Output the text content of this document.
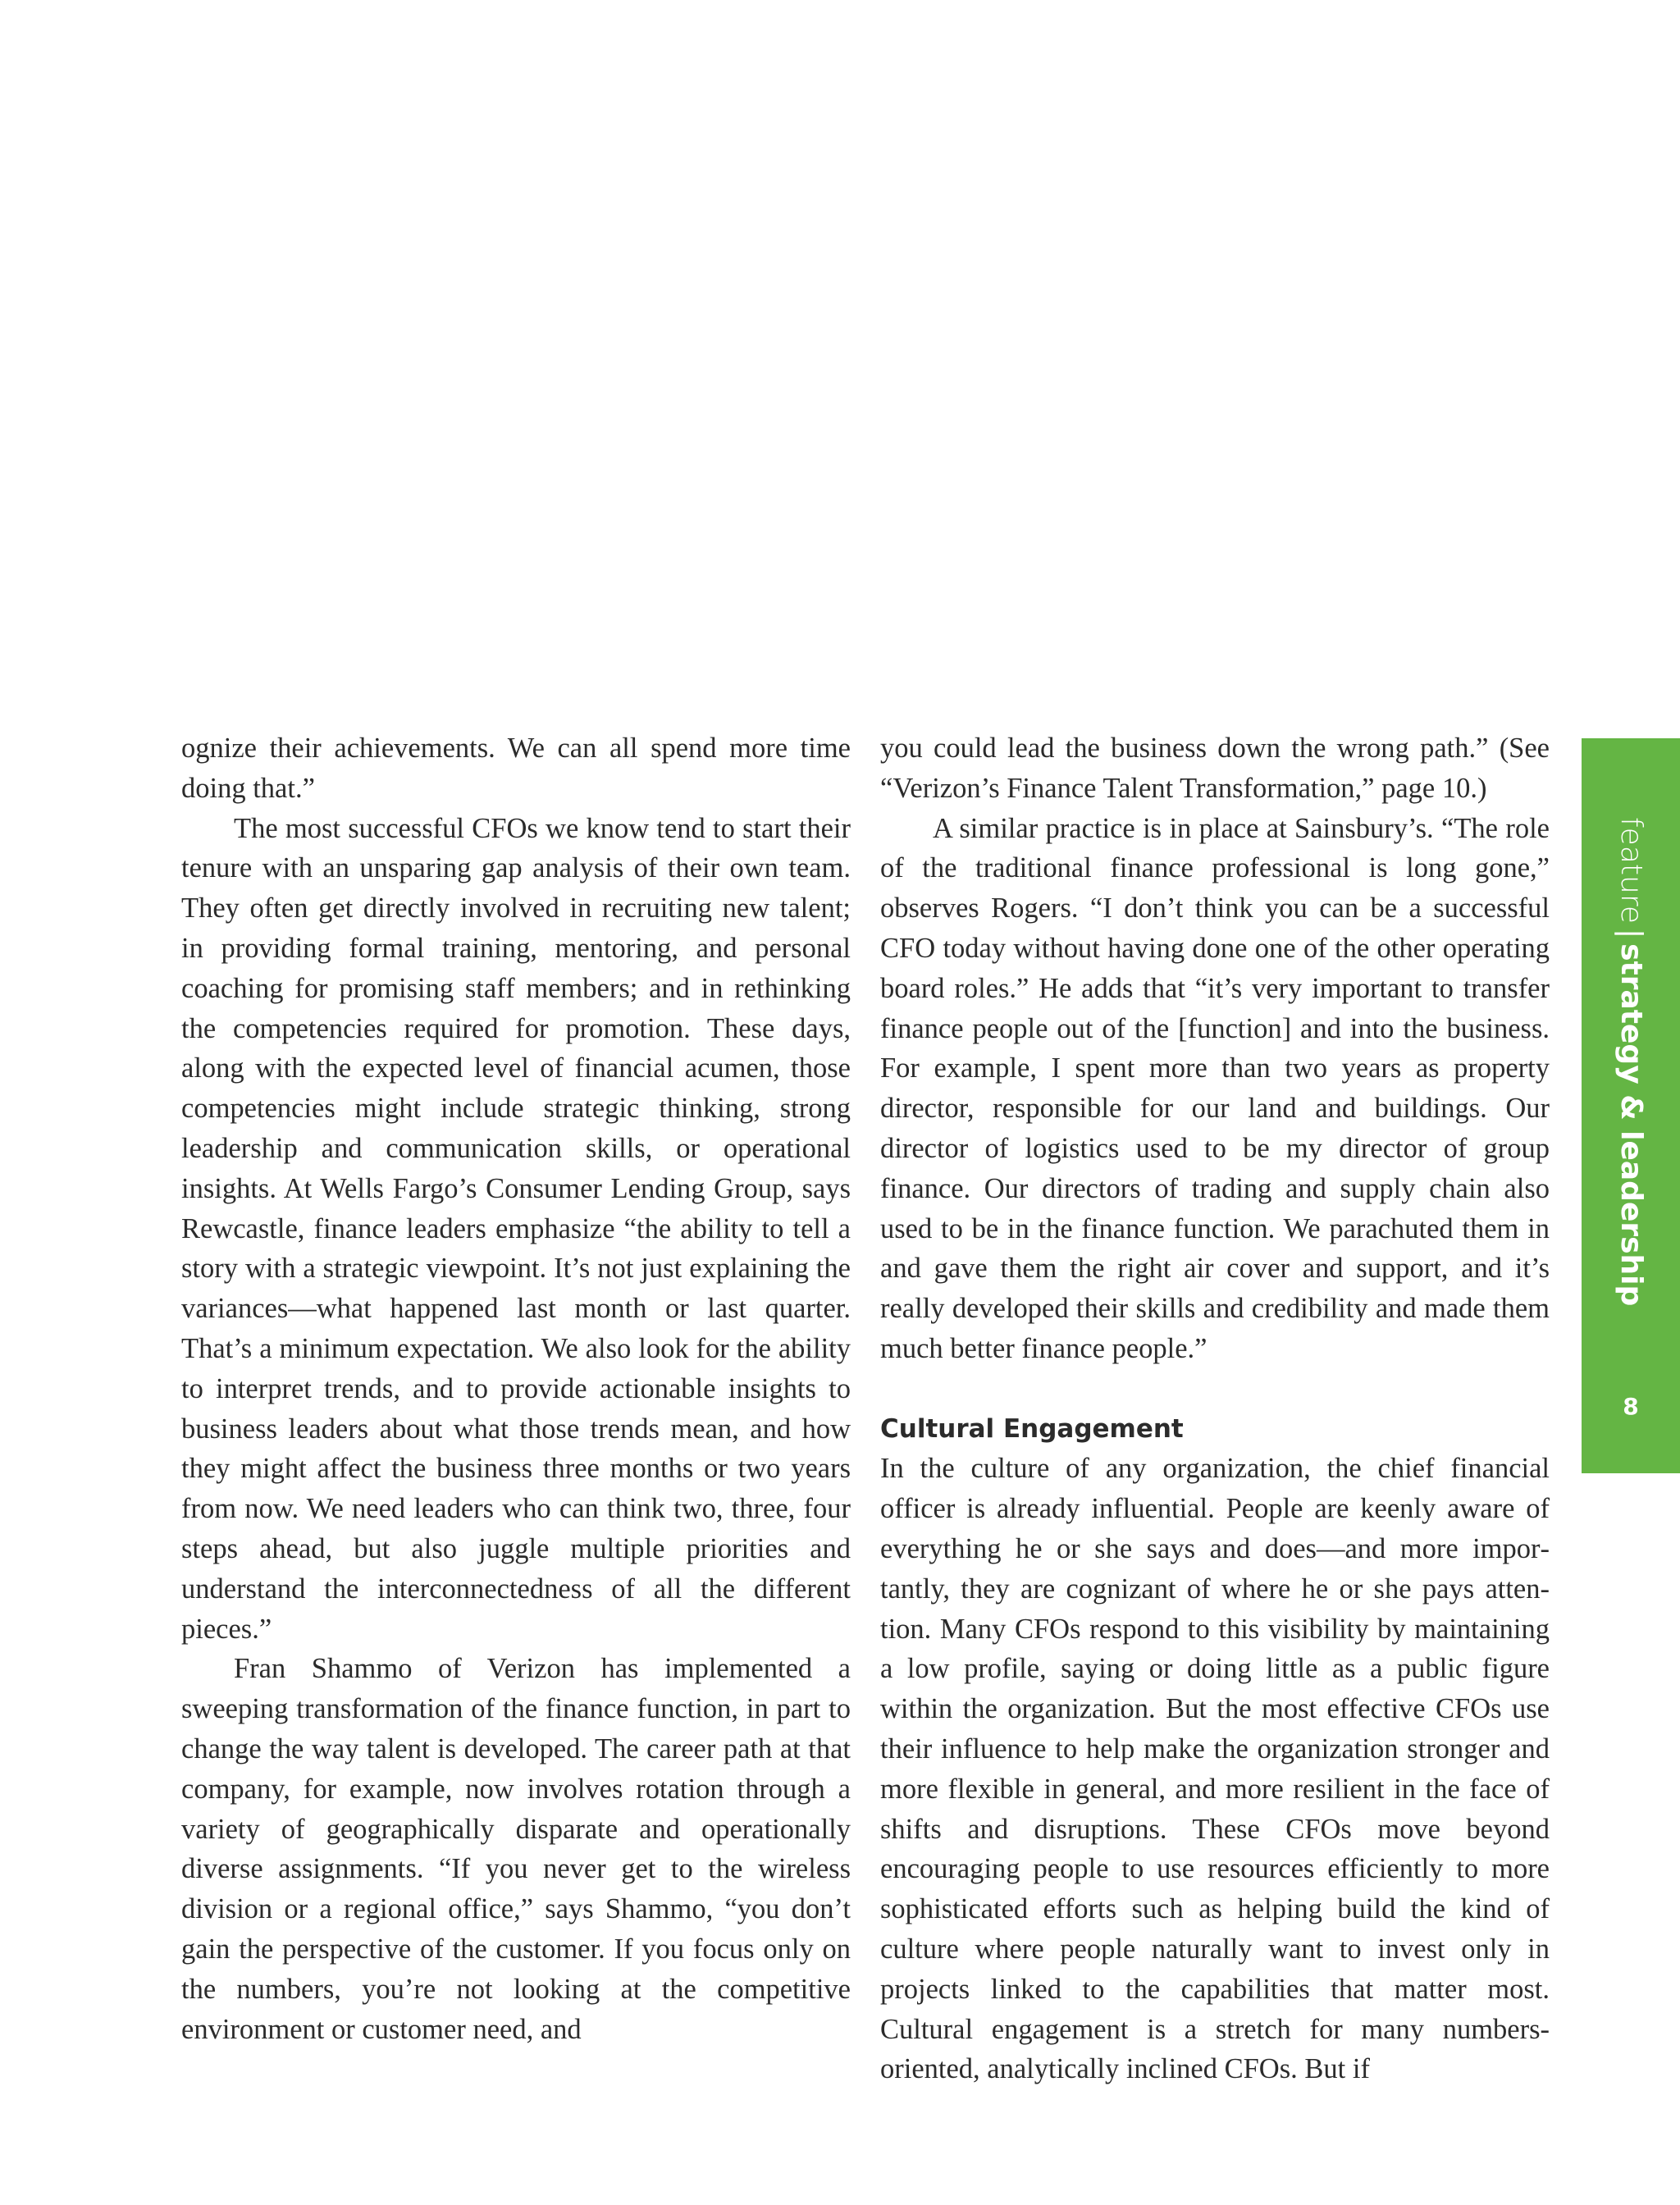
ognize their achievements. We can all spend more time doing that.”

The most successful CFOs we know tend to start their tenure with an unsparing gap analysis of their own team. They often get directly involved in recruiting new talent; in providing formal training, mentoring, and personal coaching for promising staff members; and in rethinking the competencies required for promotion. These days, along with the expected level of financial acumen, those competencies might include strategic thinking, strong leadership and communication skills, or operational insights. At Wells Fargo’s Consumer Lending Group, says Rewcastle, finance leaders emphasize “the ability to tell a story with a strategic viewpoint. It’s not just explaining the variances—what happened last month or last quarter. That’s a minimum expectation. We also look for the ability to interpret trends, and to provide actionable insights to business leaders about what those trends mean, and how they might affect the business three months or two years from now. We need leaders who can think two, three, four steps ahead, but also juggle multiple priorities and understand the interconnectedness of all the different pieces.”

Fran Shammo of Verizon has implemented a sweeping transformation of the finance function, in part to change the way talent is developed. The career path at that company, for example, now involves rotation through a variety of geographically disparate and operationally diverse assignments. “If you never get to the wireless division or a regional office,” says Shammo, “you don’t gain the perspective of the customer. If you focus only on the numbers, you’re not looking at the competitive environment or customer need, and

you could lead the business down the wrong path.” (See “Verizon’s Finance Talent Transformation,” page 10.)

A similar practice is in place at Sainsbury’s. “The role of the traditional finance professional is long gone,” observes Rogers. “I don’t think you can be a successful CFO today without having done one of the other operating board roles.” He adds that “it’s very important to transfer finance people out of the [function] and into the business. For example, I spent more than two years as property director, responsible for our land and buildings. Our director of logistics used to be my director of group finance. Our directors of trading and supply chain also used to be in the finance function. We parachuted them in and gave them the right air cover and support, and it’s really developed their skills and credibility and made them much better finance people.”

Cultural Engagement

In the culture of any organization, the chief financial officer is already influential. People are keenly aware of everything he or she says and does—and more importantly, they are cognizant of where he or she pays attention. Many CFOs respond to this visibility by maintaining a low profile, saying or doing little as a public figure within the organization. But the most effective CFOs use their influence to help make the organization stronger and more flexible in general, and more resilient in the face of shifts and disruptions. These CFOs move beyond encouraging people to use resources efficiently to more sophisticated efforts such as helping build the kind of culture where people naturally want to invest only in projects linked to the capabilities that matter most. Cultural engagement is a stretch for many numbers-oriented, analytically inclined CFOs. But if

feature|strategy & leadership
8
